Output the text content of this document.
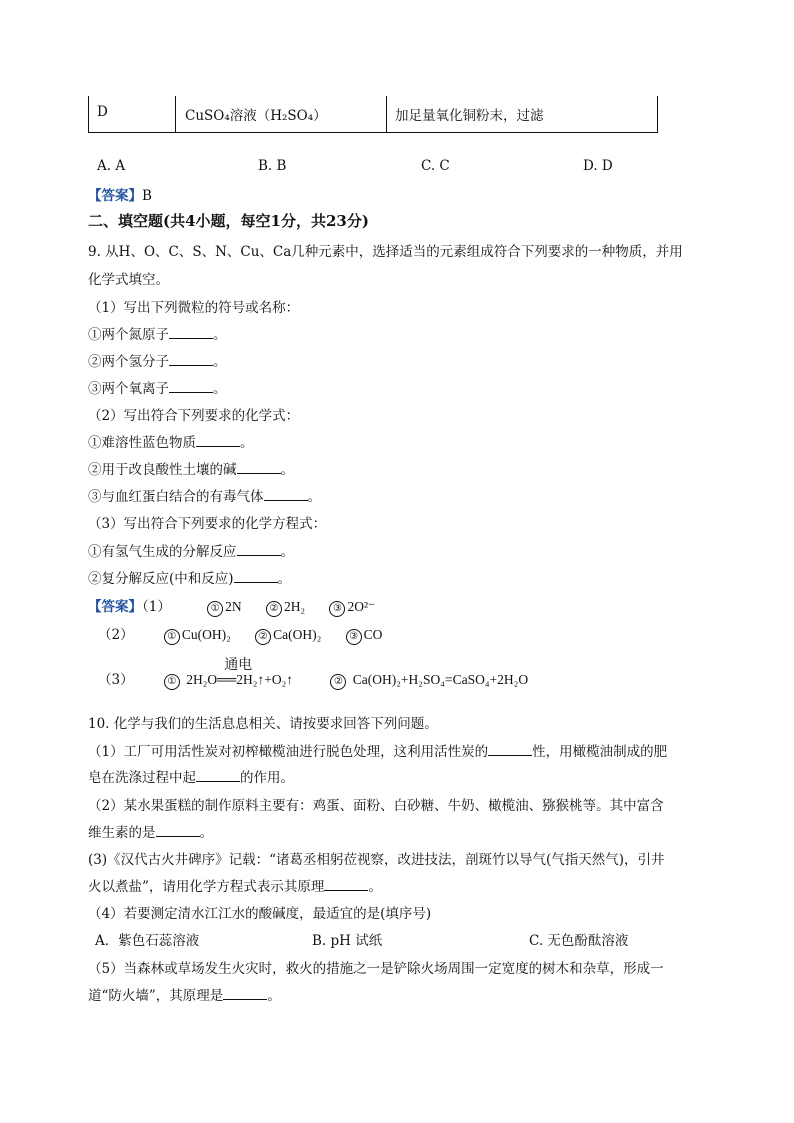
D	CuSO₄溶液（H₂SO₄）	加足量氧化铜粉末，过滤
A. A	B. B	C. C	D. D
【答案】B
二、填空题(共4小题，每空1分，共23分)
9. 从H、O、C、S、N、Cu、Ca几种元素中，选择适当的元素组成符合下列要求的一种物质，并用
化学式填空。
（1）写出下列微粒的符号或名称：
①两个氮原子	。
②两个氢分子	。
③两个氧离子	。
（2）写出符合下列要求的化学式：
①难溶性蓝色物质	。
②用于改良酸性土壤的碱	。
③与血红蛋白结合的有毒气体	。
（3）写出符合下列要求的化学方程式：
①有氢气生成的分解反应	。
②复分解反应(中和反应)	。
【答案】（1）	① 2N	② 2H₂	③ 2O²⁻
（2）	① Cu(OH)₂	② Ca(OH)₂	③ CO
（3）	①
通电
2H₂O══2H₂↑+O₂↑	② Ca(OH)₂+H₂SO₄=CaSO₄+2H₂O
10. 化学与我们的生活息息相关、请按要求回答下列问题。
（1）工厂可用活性炭对初榨橄榄油进行脱色处理，这利用活性炭的	性，用橄榄油制成的肥
皂在洗涤过程中起	的作用。
（2）某水果蛋糕的制作原料主要有：鸡蛋、面粉、白砂糖、牛奶、橄榄油、猕猴桃等。其中富含
维生素的是	。
(3)《汉代古火井碑序》记载：“诸葛丞相躬莅视察，改进技法，剖斑竹以导气(气指天然气)，引井
火以煮盐”，请用化学方程式表示其原理	。
（4）若要测定清水江江水的酸碱度，最适宜的是(填序号)
A．紫色石蕊溶液	B. pH 试纸	C. 无色酚酞溶液
（5）当森林或草场发生火灾时，救火的措施之一是铲除火场周围一定宽度的树木和杂草，形成一
道“防火墙”，其原理是	。
